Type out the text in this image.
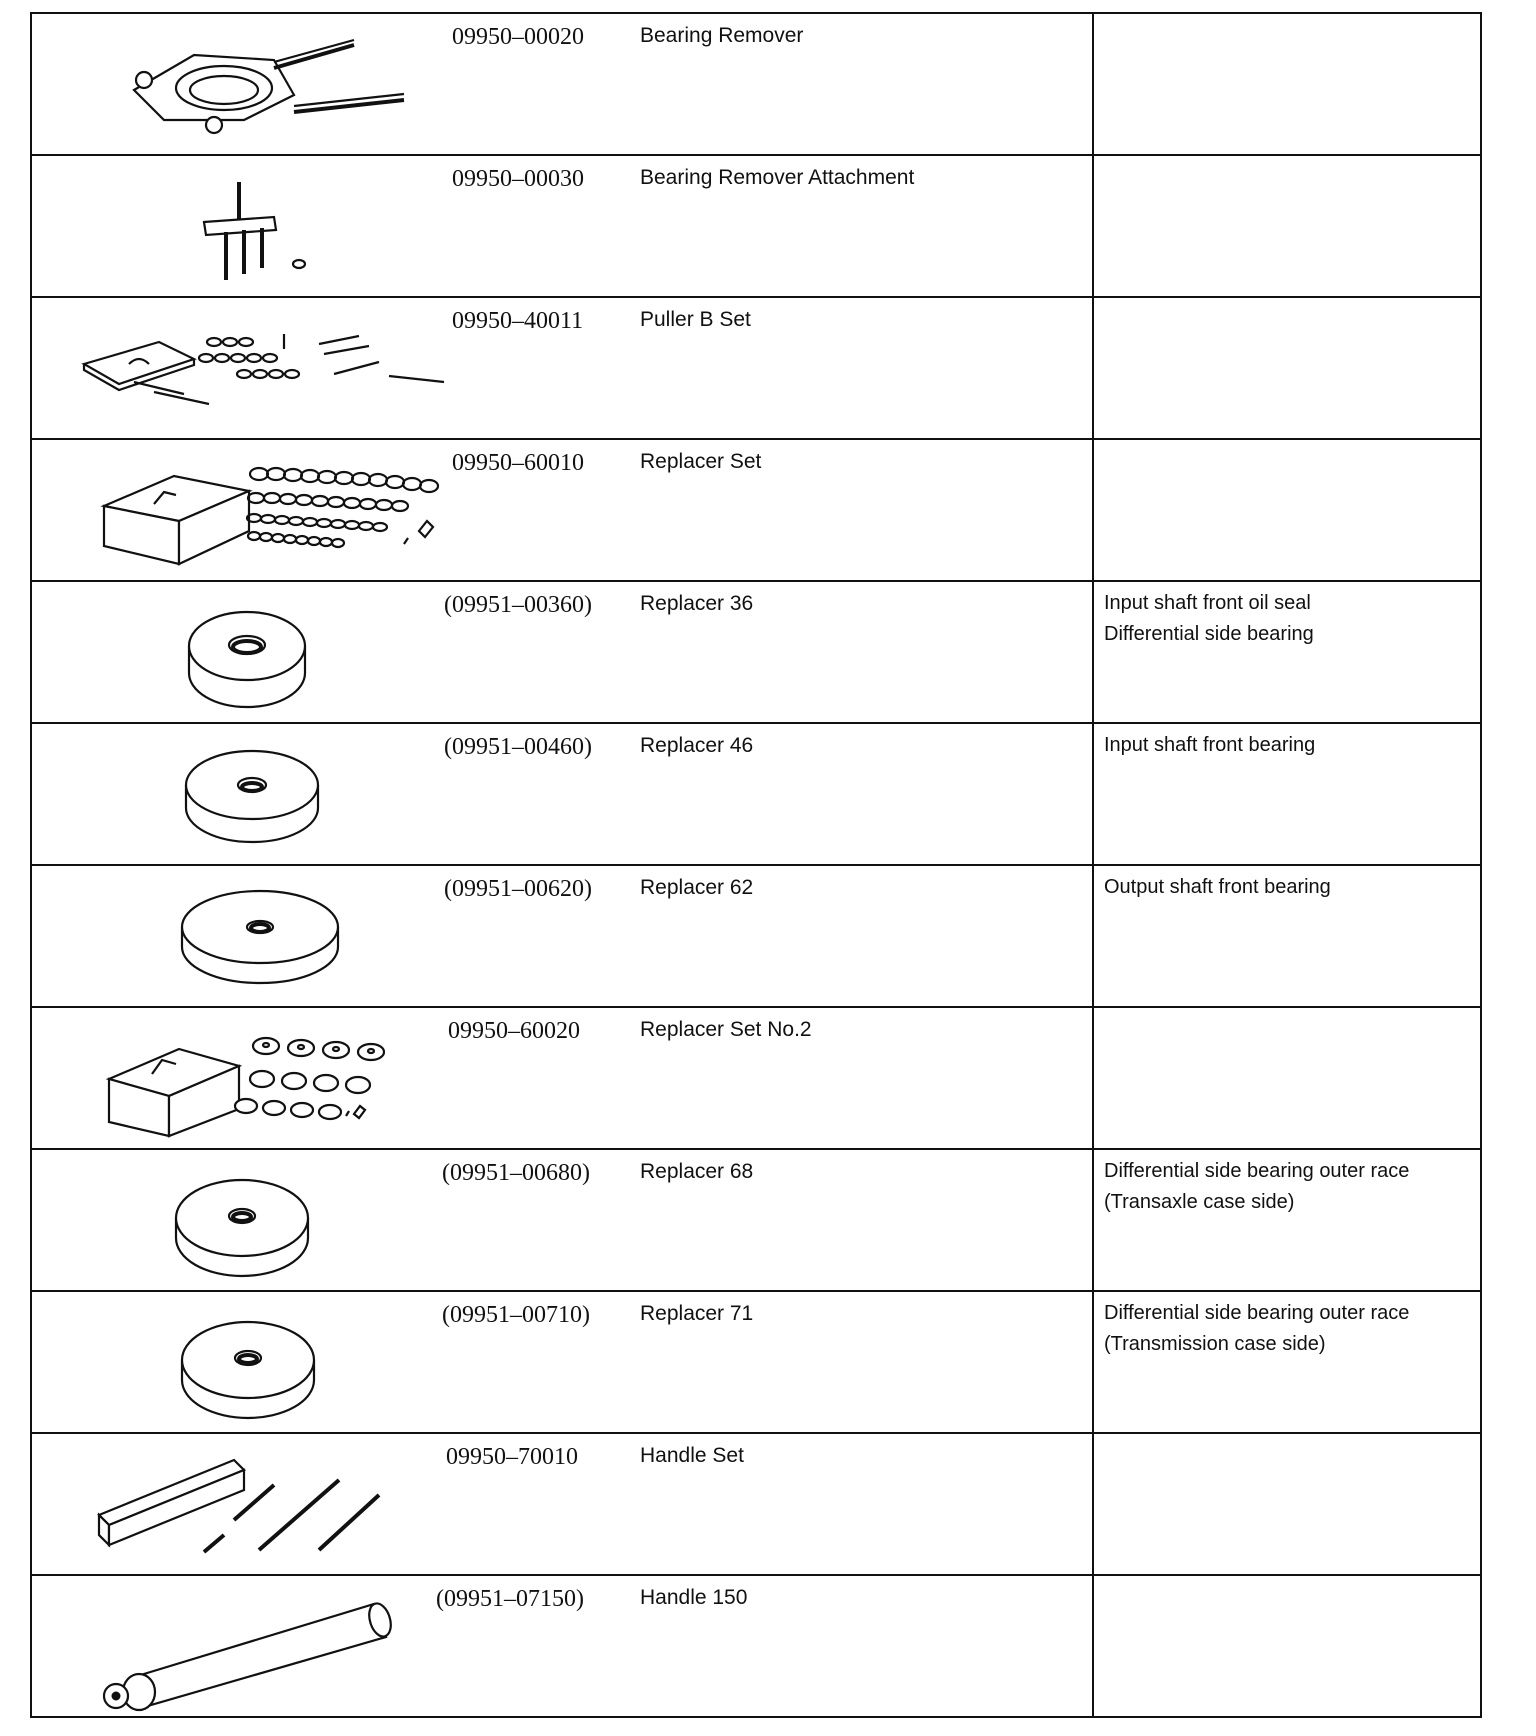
09950–00020 Bearing Remover	

09950–00030 Bearing Remover Attachment	

09950–40011 Puller B Set	

09950–60010 Replacer Set	

(09951–00360) Replacer 36	Input shaft front oil seal
Differential side bearing

(09951–00460) Replacer 46	Input shaft front bearing

(09951–00620) Replacer 62	Output shaft front bearing

09950–60020 Replacer Set No.2	

(09951–00680) Replacer 68	Differential side bearing outer race
(Transaxle case side)

(09951–00710) Replacer 71	Differential side bearing outer race
(Transmission case side)

09950–70010 Handle Set	

(09951–07150) Handle 150	
